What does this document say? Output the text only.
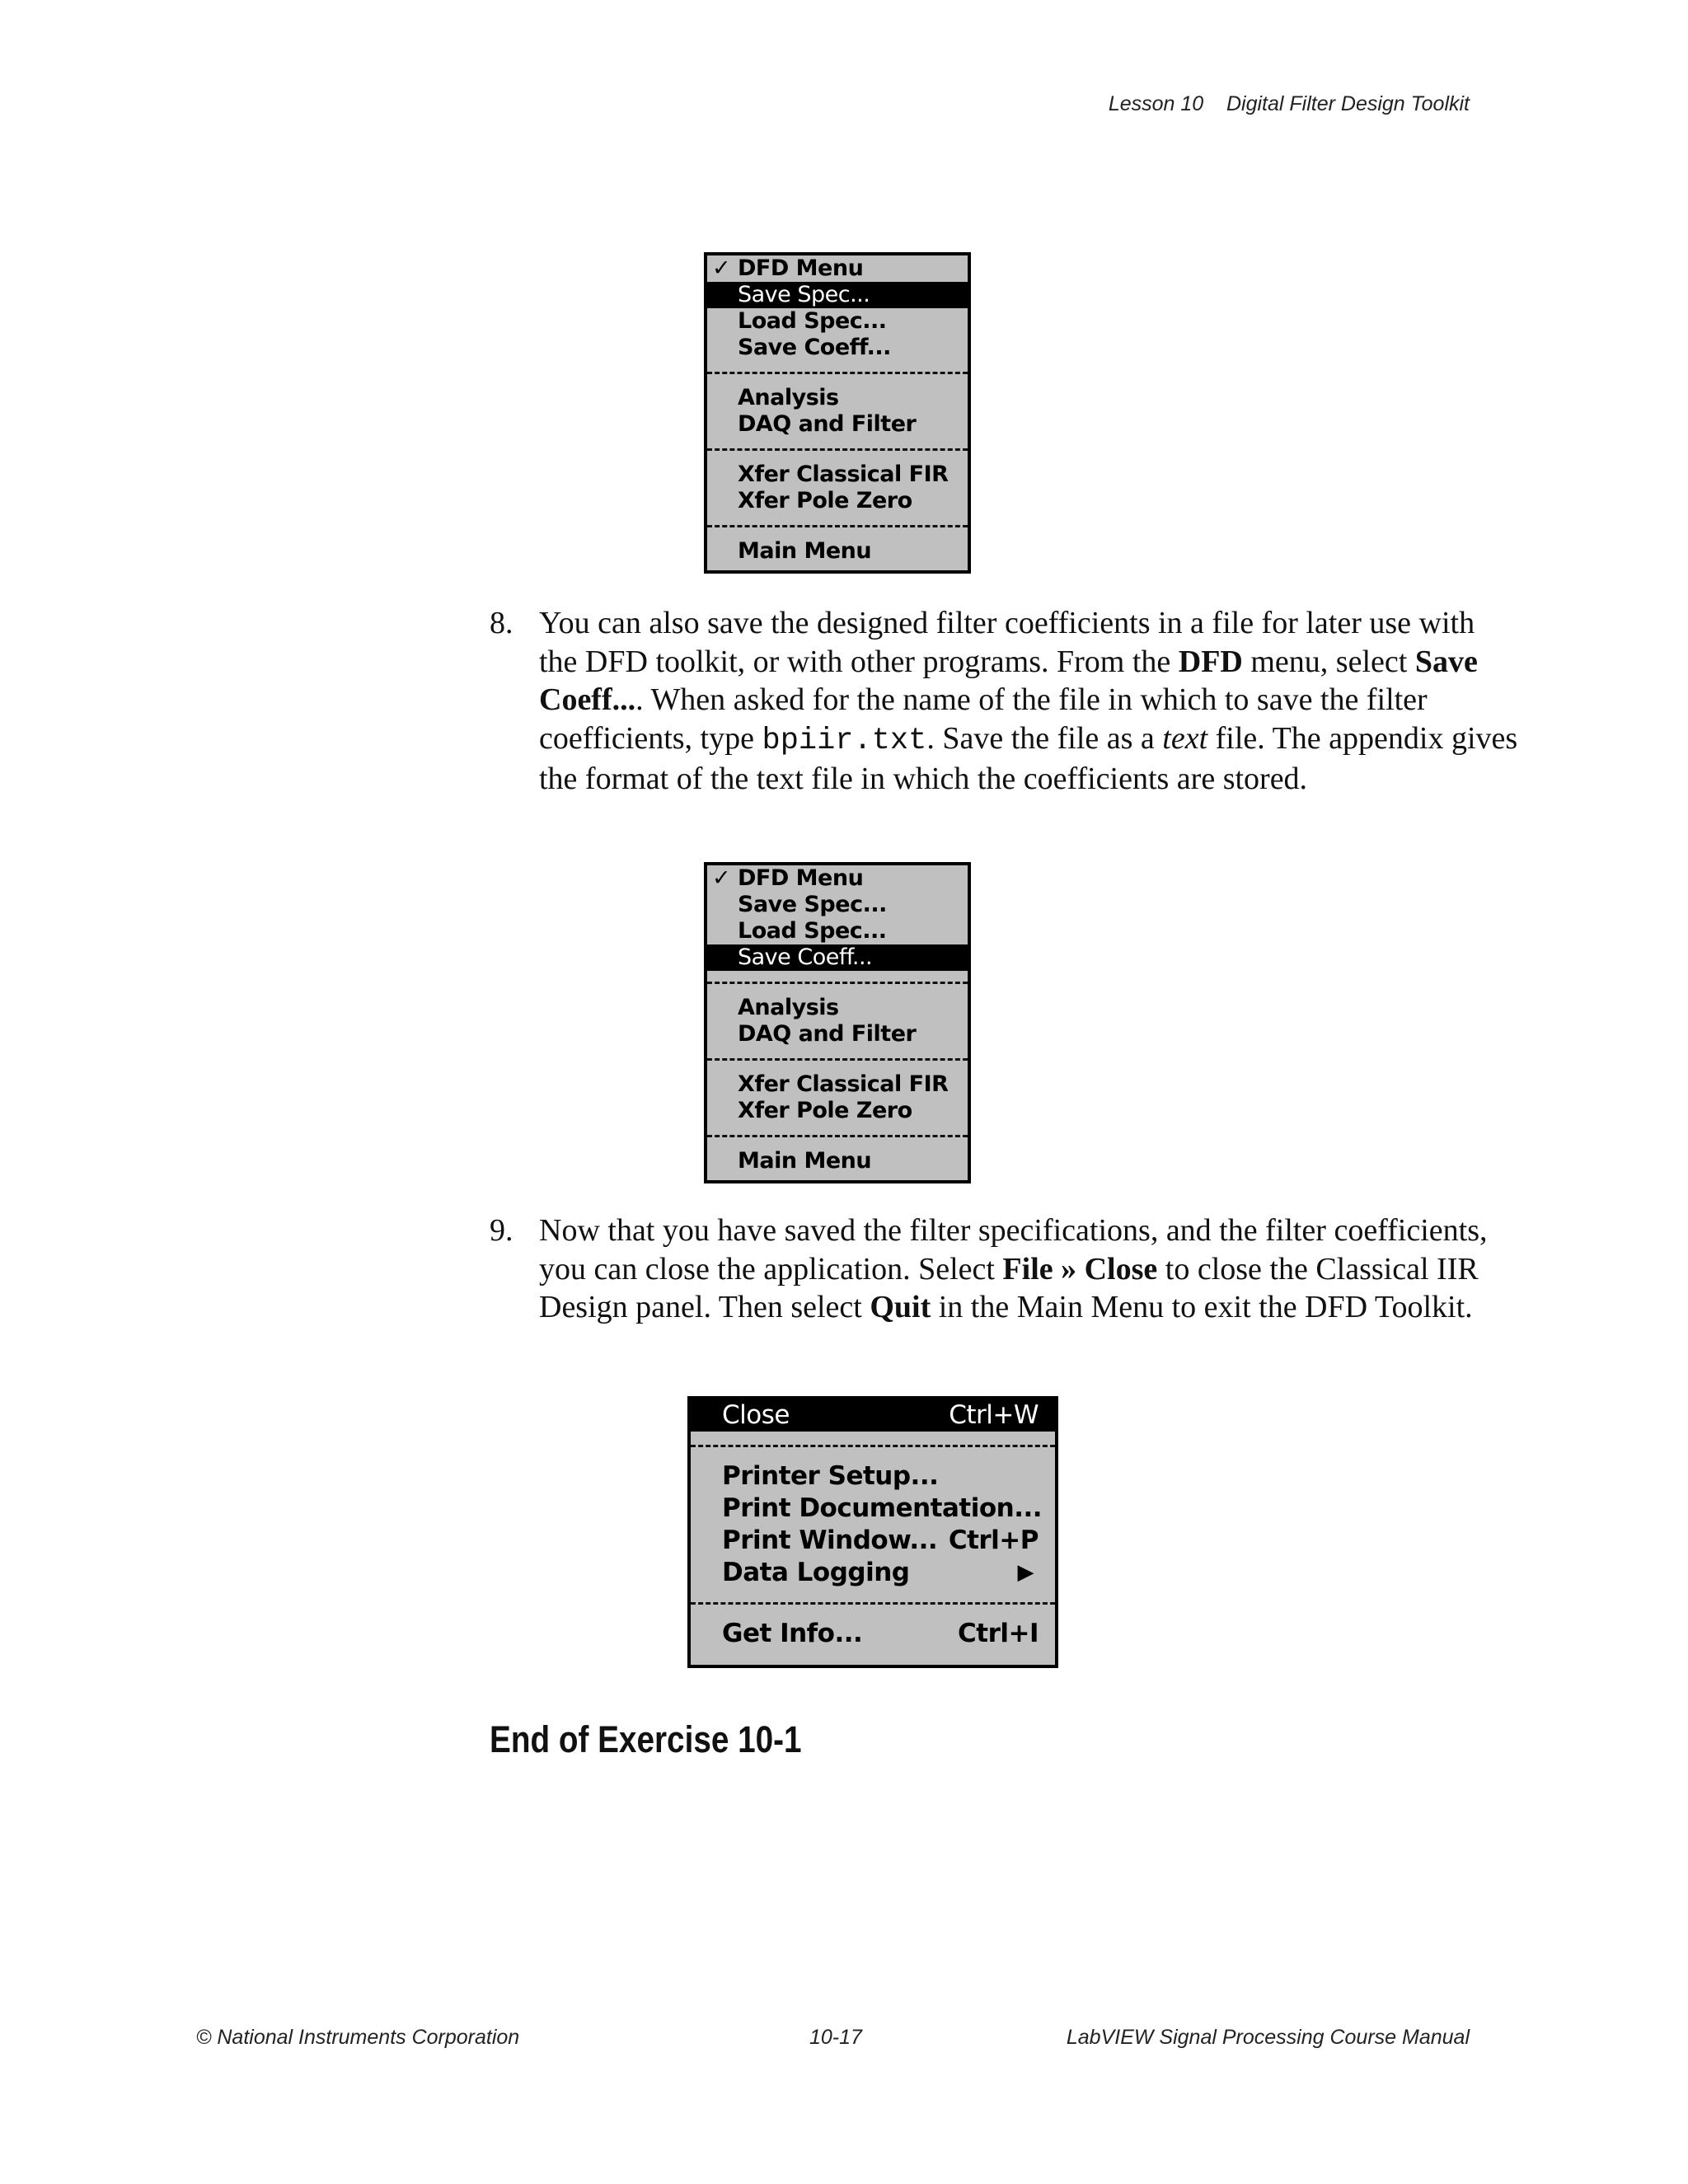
Lesson 10    Digital Filter Design Toolkit
✓ DFD Menu
Save Spec...
Load Spec...
Save Coeff...
Analysis
DAQ and Filter
Xfer Classical FIR
Xfer Pole Zero
Main Menu
8. You can also save the designed filter coefficients in a file for later use with the DFD toolkit, or with other programs. From the DFD menu, select Save Coeff.... When asked for the name of the file in which to save the filter coefficients, type bpiir.txt. Save the file as a text file. The appendix gives the format of the text file in which the coefficients are stored.
✓ DFD Menu
Save Spec...
Load Spec...
Save Coeff...
Analysis
DAQ and Filter
Xfer Classical FIR
Xfer Pole Zero
Main Menu
9. Now that you have saved the filter specifications, and the filter coefficients, you can close the application. Select File » Close to close the Classical IIR Design panel. Then select Quit in the Main Menu to exit the DFD Toolkit.
Close	Ctrl+W
Printer Setup...
Print Documentation...
Print Window... Ctrl+P
Data Logging	▶
Get Info...	Ctrl+I
End of Exercise 10-1
© National Instruments Corporation	10-17	LabVIEW Signal Processing Course Manual
